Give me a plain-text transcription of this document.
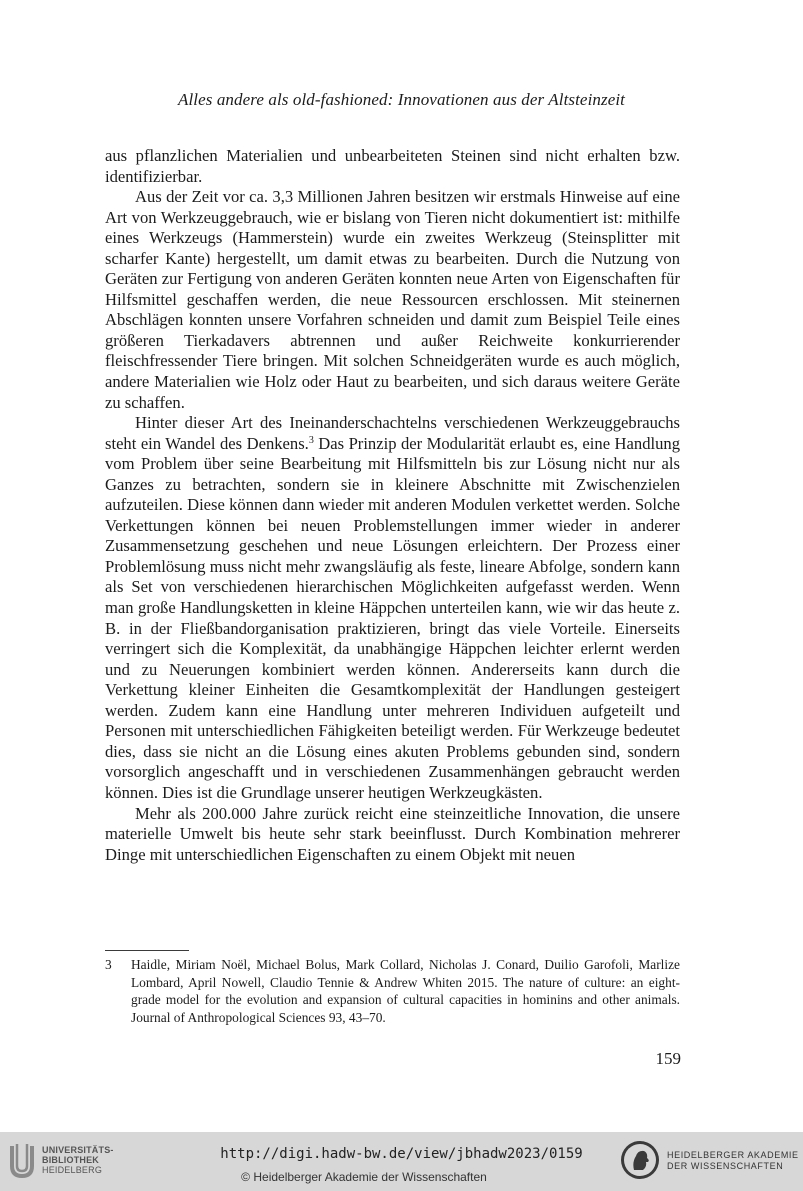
Alles andere als old-fashioned: Innovationen aus der Altsteinzeit

aus pflanzlichen Materialien und unbearbeiteten Steinen sind nicht erhalten bzw. identifizierbar.

Aus der Zeit vor ca. 3,3 Millionen Jahren besitzen wir erstmals Hinweise auf eine Art von Werkzeuggebrauch, wie er bislang von Tieren nicht dokumentiert ist: mithilfe eines Werkzeugs (Hammerstein) wurde ein zweites Werkzeug (Steinsplitter mit scharfer Kante) hergestellt, um damit etwas zu bearbeiten. Durch die Nutzung von Geräten zur Fertigung von anderen Geräten konnten neue Arten von Eigenschaften für Hilfsmittel geschaffen werden, die neue Ressourcen erschlossen. Mit steinernen Abschlägen konnten unsere Vorfahren schneiden und damit zum Beispiel Teile eines größeren Tierkadavers abtrennen und außer Reichweite konkurrierender fleischfressender Tiere bringen. Mit solchen Schneidgeräten wurde es auch möglich, andere Materialien wie Holz oder Haut zu bearbeiten, und sich daraus weitere Geräte zu schaffen.

Hinter dieser Art des Ineinanderschachtelns verschiedenen Werkzeuggebrauchs steht ein Wandel des Denkens.$^3$ Das Prinzip der Modularität erlaubt es, eine Handlung vom Problem über seine Bearbeitung mit Hilfsmitteln bis zur Lösung nicht nur als Ganzes zu betrachten, sondern sie in kleinere Abschnitte mit Zwischenzielen aufzuteilen. Diese können dann wieder mit anderen Modulen verkettet werden. Solche Verkettungen können bei neuen Problemstellungen immer wieder in anderer Zusammensetzung geschehen und neue Lösungen erleichtern. Der Prozess einer Problemlösung muss nicht mehr zwangsläufig als feste, lineare Abfolge, sondern kann als Set von verschiedenen hierarchischen Möglichkeiten aufgefasst werden. Wenn man große Handlungsketten in kleine Häppchen unterteilen kann, wie wir das heute z. B. in der Fließbandorganisation praktizieren, bringt das viele Vorteile. Einerseits verringert sich die Komplexität, da unabhängige Häppchen leichter erlernt werden und zu Neuerungen kombiniert werden können. Andererseits kann durch die Verkettung kleiner Einheiten die Gesamtkomplexität der Handlungen gesteigert werden. Zudem kann eine Handlung unter mehreren Individuen aufgeteilt und Personen mit unterschiedlichen Fähigkeiten beteiligt werden. Für Werkzeuge bedeutet dies, dass sie nicht an die Lösung eines akuten Problems gebunden sind, sondern vorsorglich angeschafft und in verschiedenen Zusammenhängen gebraucht werden können. Dies ist die Grundlage unserer heutigen Werkzeugkästen.

Mehr als 200.000 Jahre zurück reicht eine steinzeitliche Innovation, die unsere materielle Umwelt bis heute sehr stark beeinflusst. Durch Kombination mehrerer Dinge mit unterschiedlichen Eigenschaften zu einem Objekt mit neuen

3 Haidle, Miriam Noël, Michael Bolus, Mark Collard, Nicholas J. Conard, Duilio Garofoli, Marlize Lombard, April Nowell, Claudio Tennie & Andrew Whiten 2015. The nature of culture: an eight-grade model for the evolution and expansion of cultural capacities in hominins and other animals. Journal of Anthropological Sciences 93, 43–70.
159
UNIVERSITÄTS-
BIBLIOTHEK
HEIDELBERG
http://digi.hadw-bw.de/view/jbhadw2023/0159
© Heidelberger Akademie der Wissenschaften
HEIDELBERGER AKADEMIE
DER WISSENSCHAFTEN
